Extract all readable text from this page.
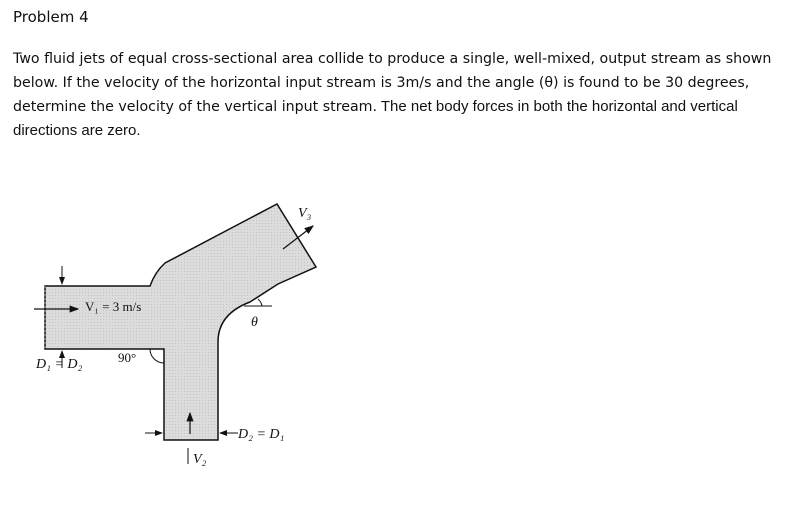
Problem 4
Two fluid jets of equal cross-sectional area collide to produce a single, well-mixed, output stream as shown below. If the velocity of the horizontal input stream is 3m/s and the angle (θ) is found to be 30 degrees, determine the velocity of the vertical input stream. The net body forces in both the horizontal and vertical directions are zero.
V₁ = 3 m/s
D₁ = D₂	90°
V₂
D₂ = D₁
θ
V₃
